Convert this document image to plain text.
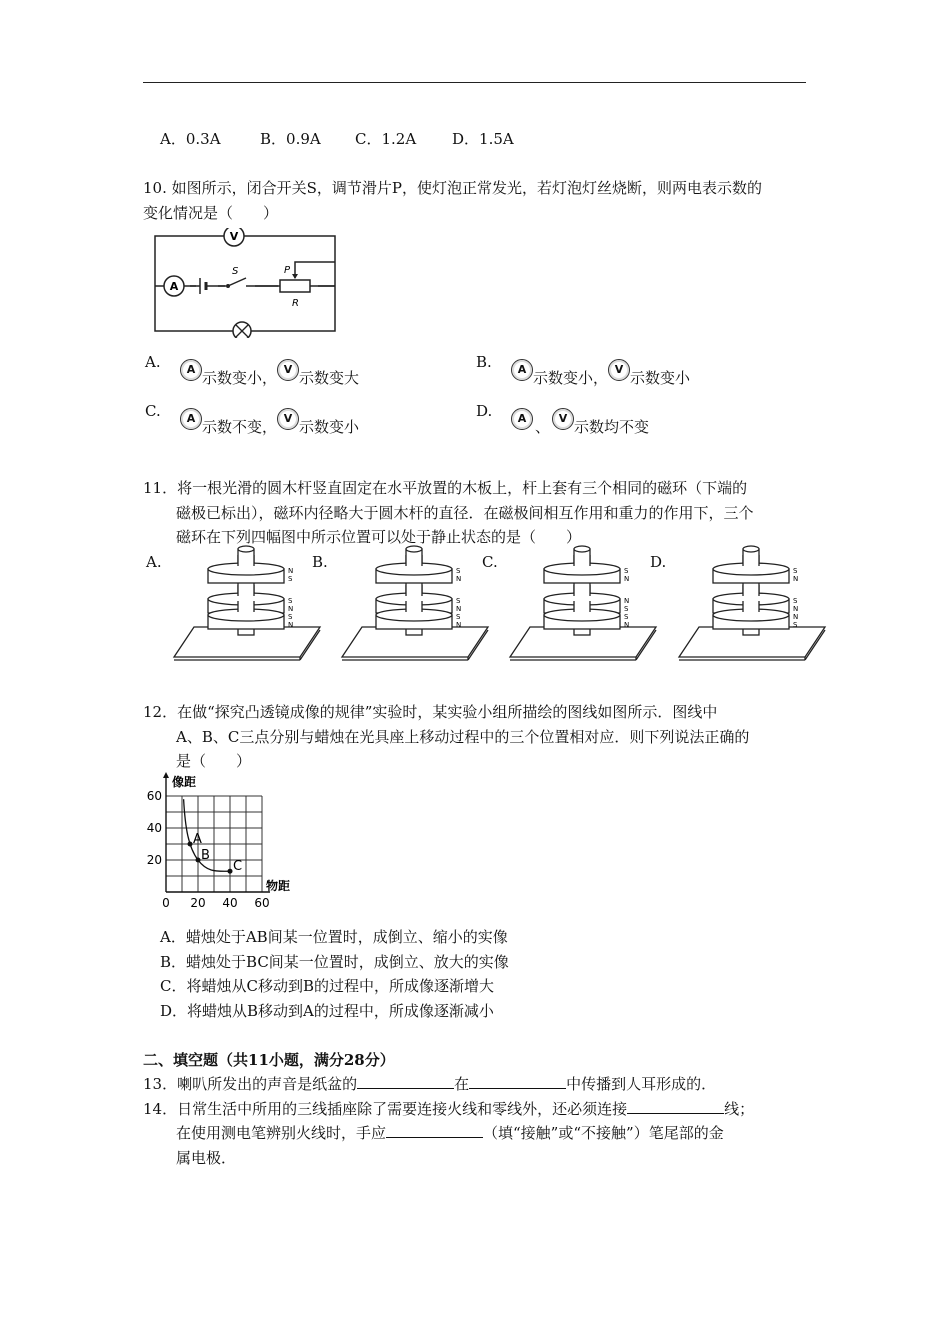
A．0.3A	B．0.9A C．1.2A D．1.5A
10. 如图所示，闭合开关S，调节滑片P，使灯泡正常发光，若灯泡灯丝烧断，则两电表示数的
变化情况是（　　）
V
A
S
R
P
A.	A 示数变小， V 示数变大
B.	A 示数变小， V 示数变小
C.	A 示数不变， V 示数变小
D.	A 、 V 示数均不变
11．将一根光滑的圆木杆竖直固定在水平放置的木板上，杆上套有三个相同的磁环（下端的
磁极已标出），磁环内径略大于圆木杆的直径．在磁极间相互作用和重力的作用下，三个
磁环在下列四幅图中所示位置可以处于静止状态的是（　　）
A.	B.	C.	D.
N
S
S
N
S
N
S
N
S
N
S
N
S
N
N
S
S
N
S
N
S
N
N
S
12．在做“探究凸透镜成像的规律”实验时，某实验小组所描绘的图线如图所示．图线中
A、B、C三点分别与蜡烛在光具座上移动过程中的三个位置相对应．则下列说法正确的
是（　　）
像距
物距
0 20 40 60
20
40
60
A
B
C
A．蜡烛处于AB间某一位置时，成倒立、缩小的实像
B．蜡烛处于BC间某一位置时，成倒立、放大的实像
C．将蜡烛从C移动到B的过程中，所成像逐渐增大
D．将蜡烛从B移动到A的过程中，所成像逐渐减小
二、填空题（共11小题，满分28分）
13．喇叭所发出的声音是纸盆的	在	中传播到人耳形成的．
14．日常生活中所用的三线插座除了需要连接火线和零线外，还必须连接	线；
在使用测电笔辨别火线时，手应	（填“接触”或“不接触”）笔尾部的金
属电极．
